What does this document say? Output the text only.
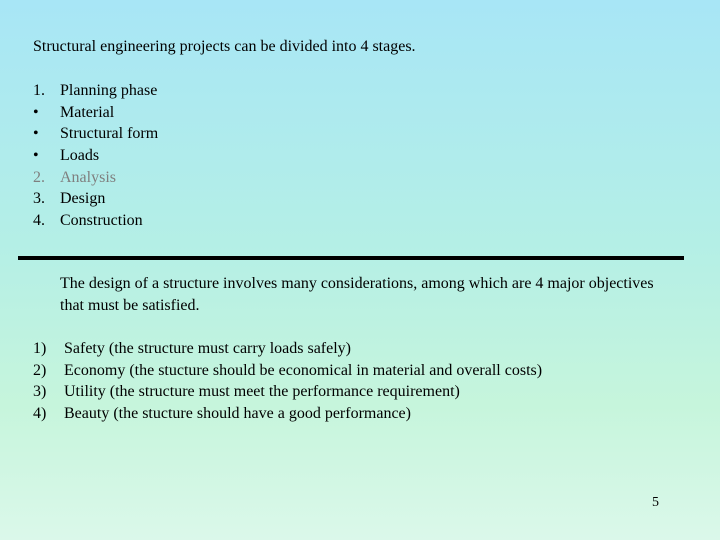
Structural engineering projects can be divided into 4 stages.
1. Planning phase
• Material
• Structural form
• Loads
2. Analysis
3. Design
4. Construction
The design of a structure involves many considerations, among which are 4 major objectives that must be satisfied.
1) Safety (the structure must carry loads safely)
2) Economy (the stucture should be economical in material and overall costs)
3) Utility (the structure must meet the performance requirement)
4) Beauty (the stucture should have a good performance)
5
